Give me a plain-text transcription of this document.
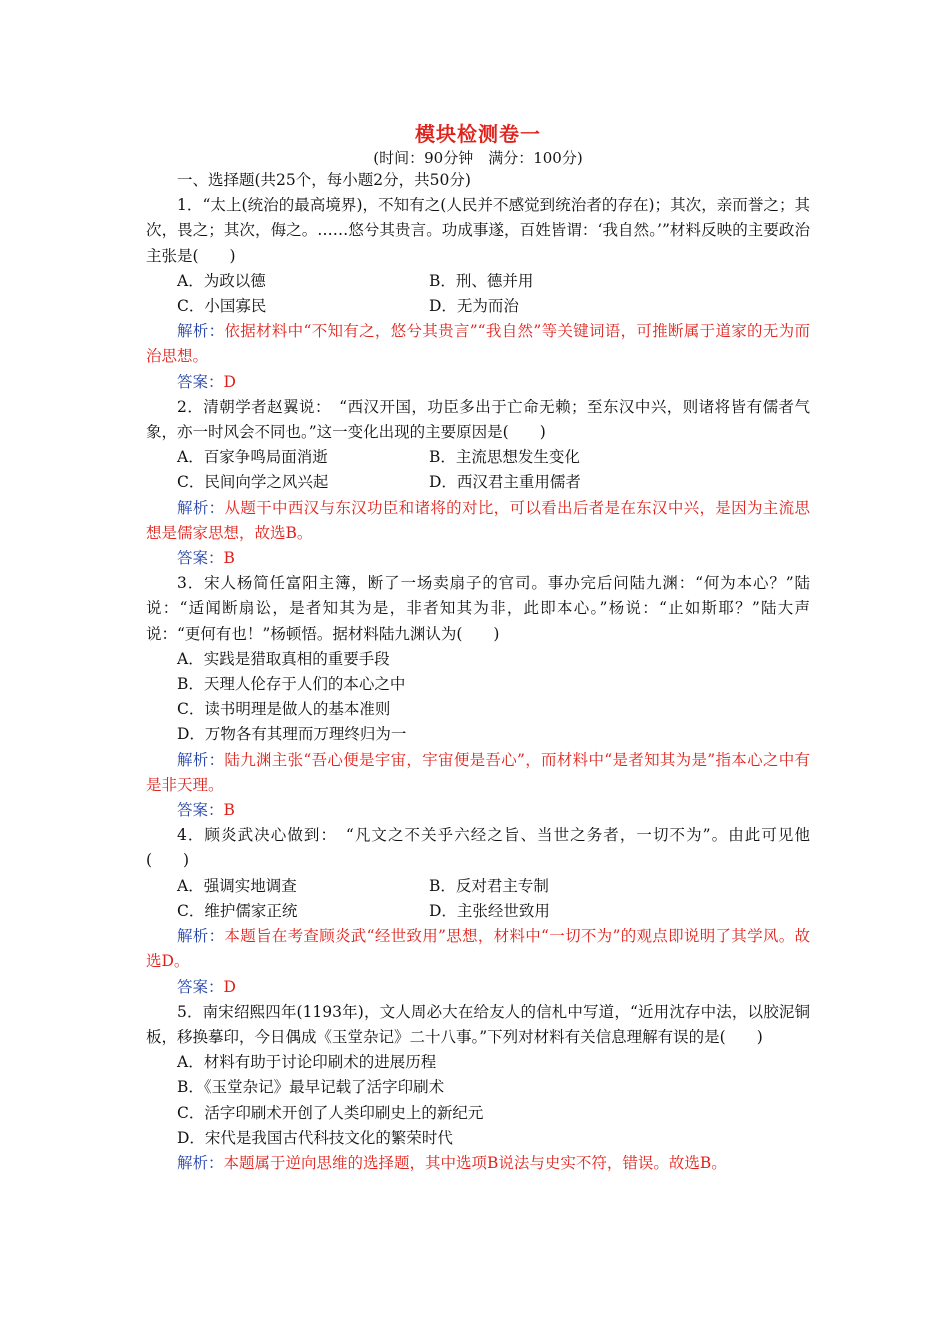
模块检测卷一
(时间：90分钟　满分：100分)
一、选择题(共25个，每小题2分，共50分)
1．“太上(统治的最高境界)，不知有之(人民并不感觉到统治者的存在)；其次，亲而誉之；其次，畏之；其次，侮之。……悠兮其贵言。功成事遂，百姓皆谓：‘我自然。’”材料反映的主要政治主张是(　　)
A．为政以德	B．刑、德并用
C．小国寡民	D．无为而治
解析：依据材料中“不知有之，悠兮其贵言”“我自然”等关键词语，可推断属于道家的无为而治思想。
答案：D
2．清朝学者赵翼说：　“西汉开国，功臣多出于亡命无赖；至东汉中兴，则诸将皆有儒者气象，亦一时风会不同也。”这一变化出现的主要原因是(　　)
A．百家争鸣局面消逝	B．主流思想发生变化
C．民间向学之风兴起	D．西汉君主重用儒者
解析：从题干中西汉与东汉功臣和诸将的对比，可以看出后者是在东汉中兴，是因为主流思想是儒家思想，故选B。
答案：B
3．宋人杨简任富阳主簿，断了一场卖扇子的官司。事办完后问陆九渊：“何为本心？”陆说：“适闻断扇讼，是者知其为是，非者知其为非，此即本心。”杨说：“止如斯耶？”陆大声说：“更何有也！”杨顿悟。据材料陆九渊认为(　　)
A．实践是猎取真相的重要手段
B．天理人伦存于人们的本心之中
C．读书明理是做人的基本准则
D．万物各有其理而万理终归为一
解析：陆九渊主张“吾心便是宇宙，宇宙便是吾心”，而材料中“是者知其为是”指本心之中有是非天理。
答案：B
4．顾炎武决心做到：　“凡文之不关乎六经之旨、当世之务者，一切不为”。由此可见他(　　)
A．强调实地调查	B．反对君主专制
C．维护儒家正统	D．主张经世致用
解析：本题旨在考查顾炎武“经世致用”思想，材料中“一切不为”的观点即说明了其学风。故选D。
答案：D
5．南宋绍熙四年(1193年)，文人周必大在给友人的信札中写道，“近用沈存中法，以胶泥铜板，移换摹印，今日偶成《玉堂杂记》二十八事。”下列对材料有关信息理解有误的是(　　)
A．材料有助于讨论印刷术的进展历程
B．《玉堂杂记》最早记载了活字印刷术
C．活字印刷术开创了人类印刷史上的新纪元
D．宋代是我国古代科技文化的繁荣时代
解析：本题属于逆向思维的选择题，其中选项B说法与史实不符，错误。故选B。
